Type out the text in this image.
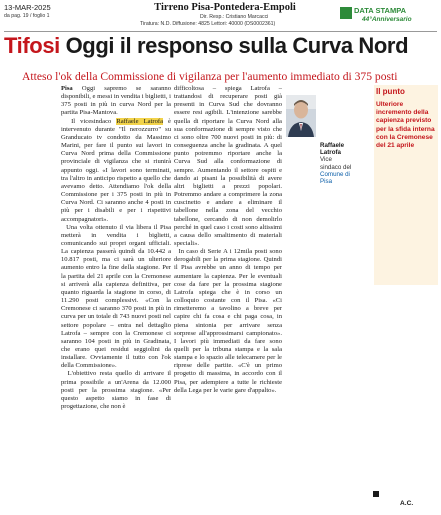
13-MAR-2025
da pag. 19 / foglio 1
Tirreno Pisa-Pontedera-Empoli
Dir. Resp.: Cristiano Marcacci
Tiratura: N.D. Diffusione: 4825 Lettori: 40000 (DS0002361)
DATA STAMPA
44°Anniversario
Tifosi Oggi il responso sulla Curva Nord
Atteso l'ok della Commissione di vigilanza per l'aumento immediato di 375 posti

Pisa Oggi sapremo se saranno disponibili, e messi in vendita i biglietti, i 375 posti in più in curva Nord per la partita Pisa-Mantova.

Il vicesindaco Raffaele Latrofa è intervenuto durante "Il nerozzurro" su Granducato tv condotto da Massimo Marini, per fare il punto sui lavori in Curva Nord prima della Commissione provinciale di vigilanza che si riunirà appunto oggi. «I lavori sono terminati, tra l'altro in anticipo rispetto a quello che avevamo detto. Attendiamo l'ok della Commissione per i 375 posti in più in Curva Nord. Ci saranno anche 4 posti in più per i disabili e per i rispettivi accompagnatori».

Una volta ottenuto il via libera il Pisa metterà in vendita i biglietti, comunicando sui propri organi ufficiali. La capienza passerà quindi da 10.442 a 10.817 posti, ma ci sarà un ulteriore aumento entro la fine della stagione. Per la partita del 21 aprile con la Cremonese si arriverà alla capienza definitiva, per quanto riguarda la stagione in corso, di 11.290 posti complessivi. «Con la Cremonese ci saranno 370 posti in più in curva per un totale di 743 nuovi posti nel settore popolare – entra nel dettaglio Latrofa – sempre con la Cremonese ci saranno 104 posti in più in Gradinata, che erano quei residui seggiolini da installare. Ovviamente il tutto con l'ok della Commissione».

L'obiettivo resta quello di arrivare il prima possibile a un'Arena da 12.000 posti per la prossima stagione. «Per questo aspetto siamo in fase di progettazione, che non è

difficoltosa – spiega Latrofa – trattandosi di recuperare posti già presenti in Curva Sud che dovranno essere resi agibili. L'intenzione sarebbe quella di riportare la Curva Nord alla sua conformazione di sempre visto che ci sono oltre 700 nuovi posti in più: di conseguenza anche la gradinata. A quel punto potremmo riportare anche la Curva Sud alla conformazione di sempre. Aumentando il settore ospiti e dando ai pisani la possibilità di avere altri biglietti a prezzi popolari. Potremmo andare a comprimere la zona cuscinetto e andare a eliminare il tabellone nella zona del vecchio tabellone, cercando di non demolirlo perché in quel caso i costi sono altissimi a causa dello smaltimento di materiali speciali».

In caso di Serie A i 12mila posti sono derogabili per la prima stagione. Quindi il Pisa avrebbe un anno di tempo per aumentare la capienza. Per le eventuali cose da fare per la prossima stagione Latrofa spiega che è in corso un colloquio costante con il Pisa. «Ci rimetteremo a tavolino a breve per capire chi fa cosa e chi paga cosa, in piena sintonia per arrivare senza sorprese all'approssimarsi campionato». I lavori più immediati da fare sono quelli per la tribuna stampa e la sala stampa e lo spazio alle telecamere per le riprese delle partite. «C'è un primo progetto di massima, in accordo con il Pisa, per adempiere a tutte le richieste della Lega per le varie gare d'appalto».

Raffaele Latrofa
Vice sindaco del Comune di Pisa
Il punto
Ulteriore incremento della capienza previsto per la sfida interna con la Cremonese del 21 aprile
A.C.
